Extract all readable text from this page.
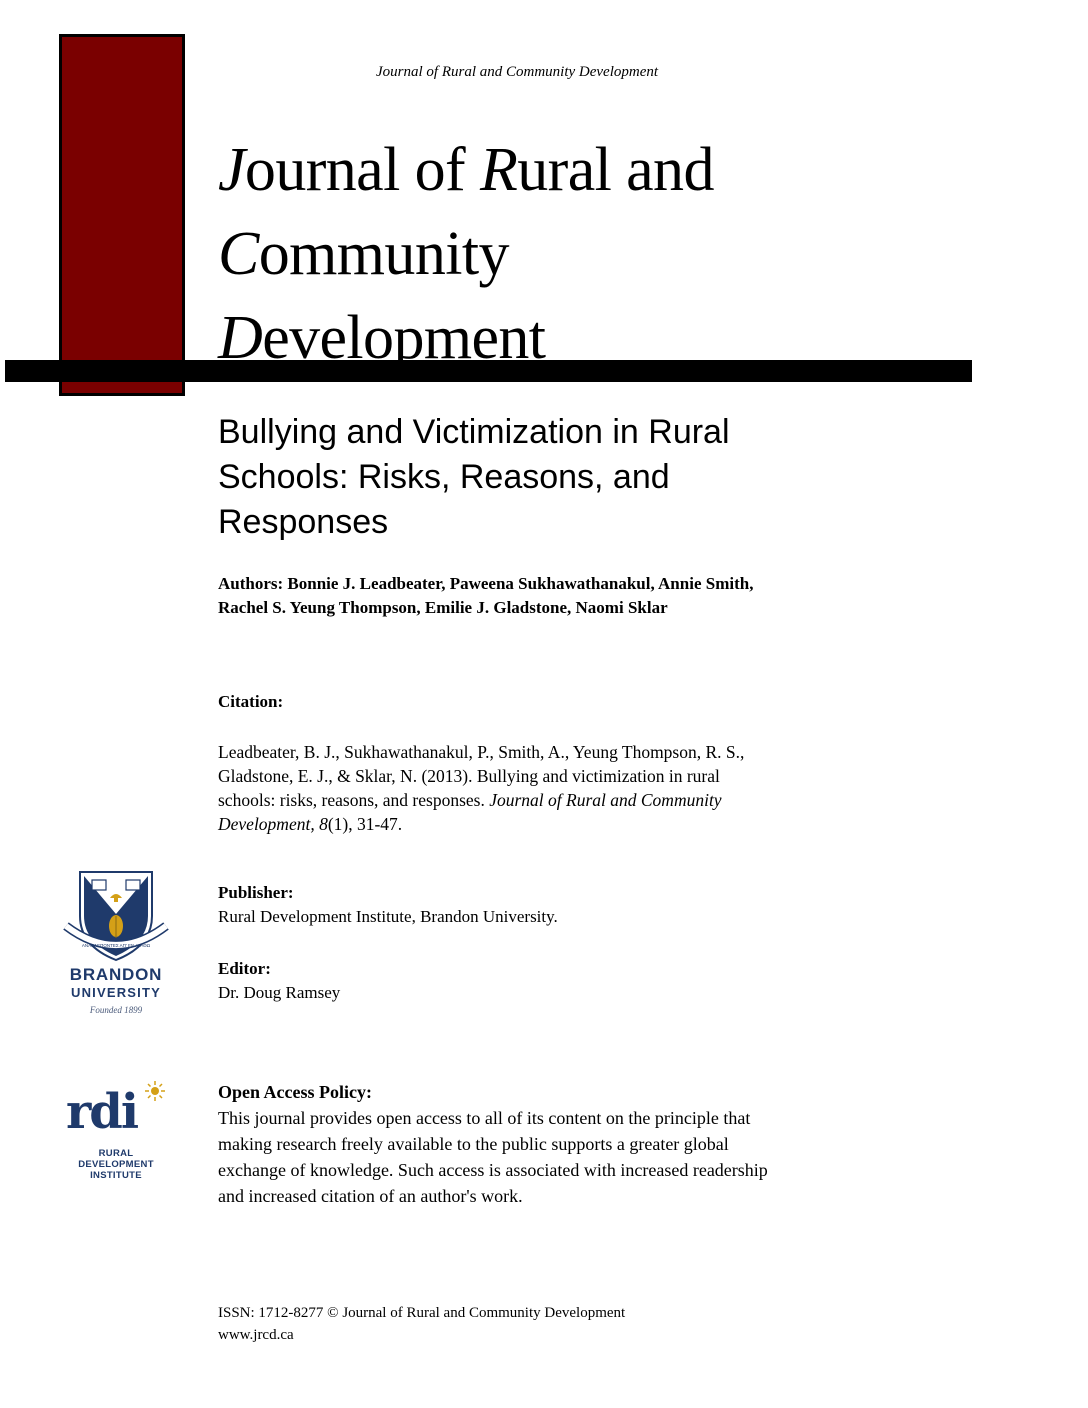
Journal of Rural and Community Development
Journal of Rural and
Community
Development
Bullying and Victimization in Rural
Schools: Risks, Reasons, and
Responses
Authors: Bonnie J. Leadbeater, Paweena Sukhawathanakul, Annie Smith,
Rachel S. Yeung Thompson, Emilie J. Gladstone, Naomi Sklar
Citation:
Leadbeater, B. J., Sukhawathanakul, P., Smith, A., Yeung Thompson, R. S.,
Gladstone, E. J., & Sklar, N. (2013). Bullying and victimization in rural
schools: risks, reasons, and responses. Journal of Rural and Community
Development, 8(1), 31-47.
Publisher:
Rural Development Institute, Brandon University.
Editor:
Dr. Doug Ramsey
Open Access Policy:
This journal provides open access to all of its content on the principle that
making research freely available to the public supports a greater global
exchange of knowledge. Such access is associated with increased readership
and increased citation of an author's work.
ISSN: 1712-8277 © Journal of Rural and Community Development
www.jrcd.ca
ΑΝΑΒΛΕΠΟΝΤΕΣ ΑΠ' ΕΝ ΑΓΑΘΩ
BRANDON
UNIVERSITY
Founded 1899
rdi
RURAL
DEVELOPMENT
INSTITUTE
